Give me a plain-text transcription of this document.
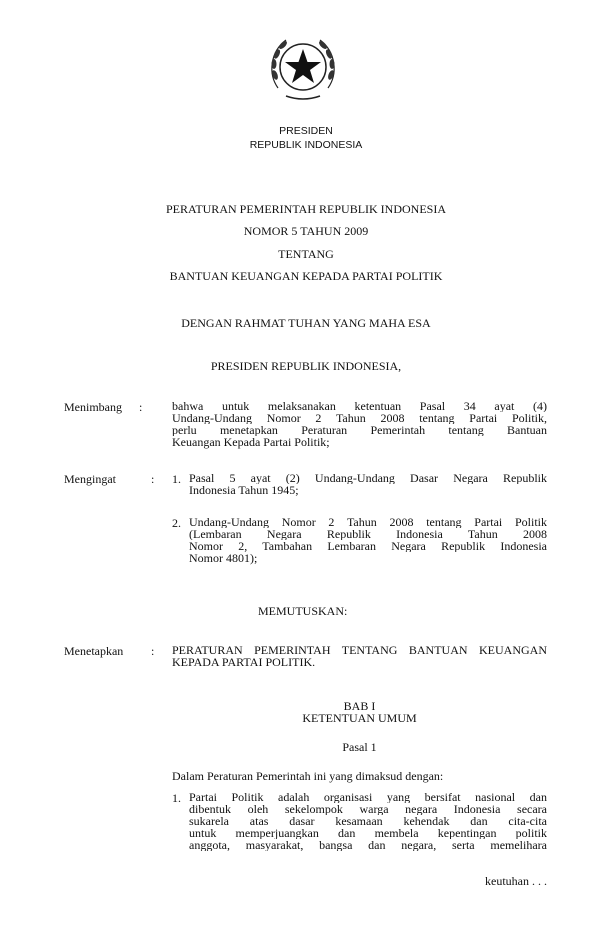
PRESIDEN
REPUBLIK INDONESIA
PERATURAN PEMERINTAH REPUBLIK INDONESIA
NOMOR 5 TAHUN 2009
TENTANG
BANTUAN KEUANGAN KEPADA PARTAI POLITIK
DENGAN RAHMAT TUHAN YANG MAHA ESA
PRESIDEN REPUBLIK INDONESIA,
Menimbang : bahwa untuk melaksanakan ketentuan Pasal 34 ayat (4)
Undang-Undang Nomor 2 Tahun 2008 tentang Partai Politik,
perlu menetapkan Peraturan Pemerintah tentang Bantuan
Keuangan Kepada Partai Politik;
Mengingat	: 1. Pasal 5 ayat (2) Undang-Undang Dasar Negara Republik
Indonesia Tahun 1945;
2. Undang-Undang Nomor 2 Tahun 2008 tentang Partai Politik
(Lembaran Negara Republik Indonesia Tahun 2008
Nomor 2, Tambahan Lembaran Negara Republik Indonesia
Nomor 4801);
MEMUTUSKAN:
Menetapkan : PERATURAN PEMERINTAH TENTANG BANTUAN KEUANGAN
KEPADA PARTAI POLITIK.
BAB I
KETENTUAN UMUM
Pasal 1
Dalam Peraturan Pemerintah ini yang dimaksud dengan:
1. Partai Politik adalah organisasi yang bersifat nasional dan
dibentuk oleh sekelompok warga negara Indonesia secara
sukarela atas dasar kesamaan kehendak dan cita-cita
untuk memperjuangkan dan membela kepentingan politik
anggota, masyarakat, bangsa dan negara, serta memelihara
keutuhan . . .
